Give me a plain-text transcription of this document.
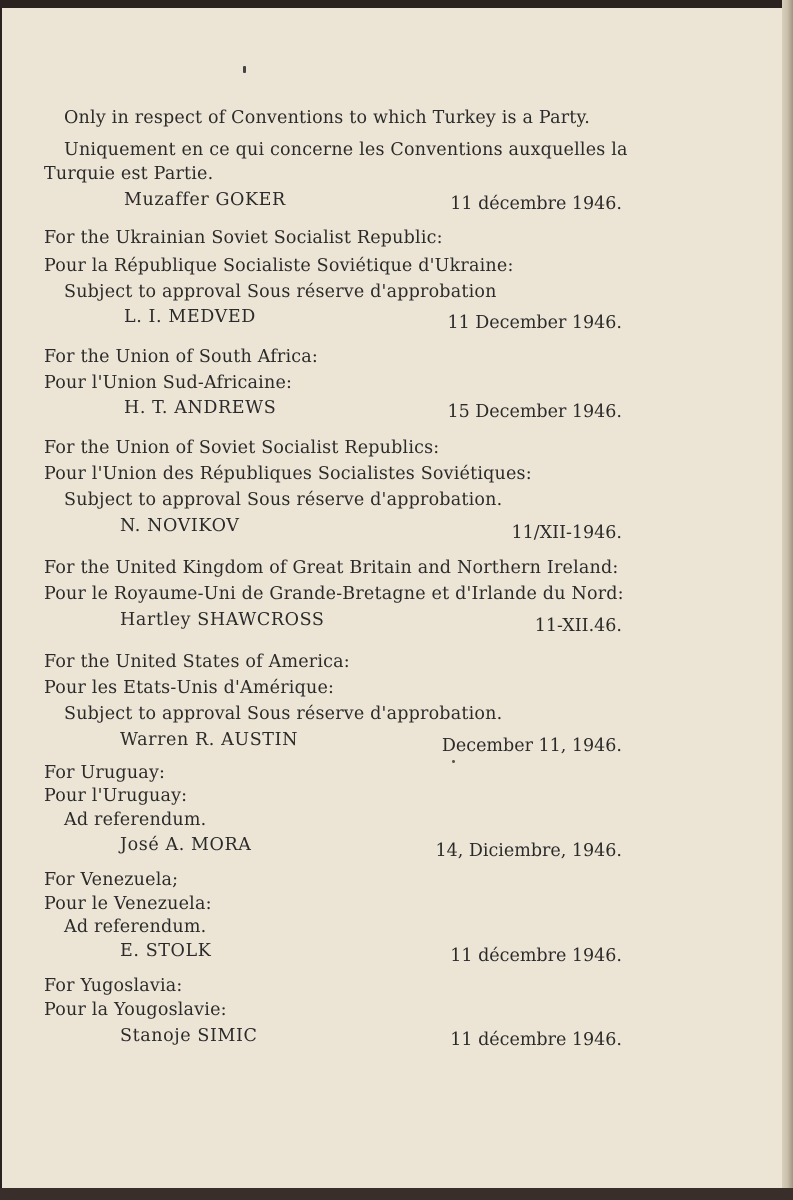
Only in respect of Conventions to which Turkey is a Party.
Uniquement en ce qui concerne les Conventions auxquelles la
Turquie est Partie.
Muzaffer GOKER	11 décembre 1946.
For the Ukrainian Soviet Socialist Republic:
Pour la République Socialiste Soviétique d'Ukraine:
Subject to approval Sous réserve d'approbation
L. I. MEDVED	11 December 1946.
For the Union of South Africa:
Pour l'Union Sud-Africaine:
H. T. ANDREWS	15 December 1946.
For the Union of Soviet Socialist Republics:
Pour l'Union des Républiques Socialistes Soviétiques:
Subject to approval Sous réserve d'approbation.
N. NOVIKOV	11/XII-1946.
For the United Kingdom of Great Britain and Northern Ireland:
Pour le Royaume-Uni de Grande-Bretagne et d'Irlande du Nord:
Hartley SHAWCROSS	11-XII.46.
For the United States of America:
Pour les Etats-Unis d'Amérique:
Subject to approval Sous réserve d'approbation.
Warren R. AUSTIN	December 11, 1946.
For Uruguay:
Pour l'Uruguay:
Ad referendum.
José A. MORA	14, Diciembre, 1946.
For Venezuela;
Pour le Venezuela:
Ad referendum.
E. STOLK	11 décembre 1946.
For Yugoslavia:
Pour la Yougoslavie:
Stanoje SIMIC	11 décembre 1946.
